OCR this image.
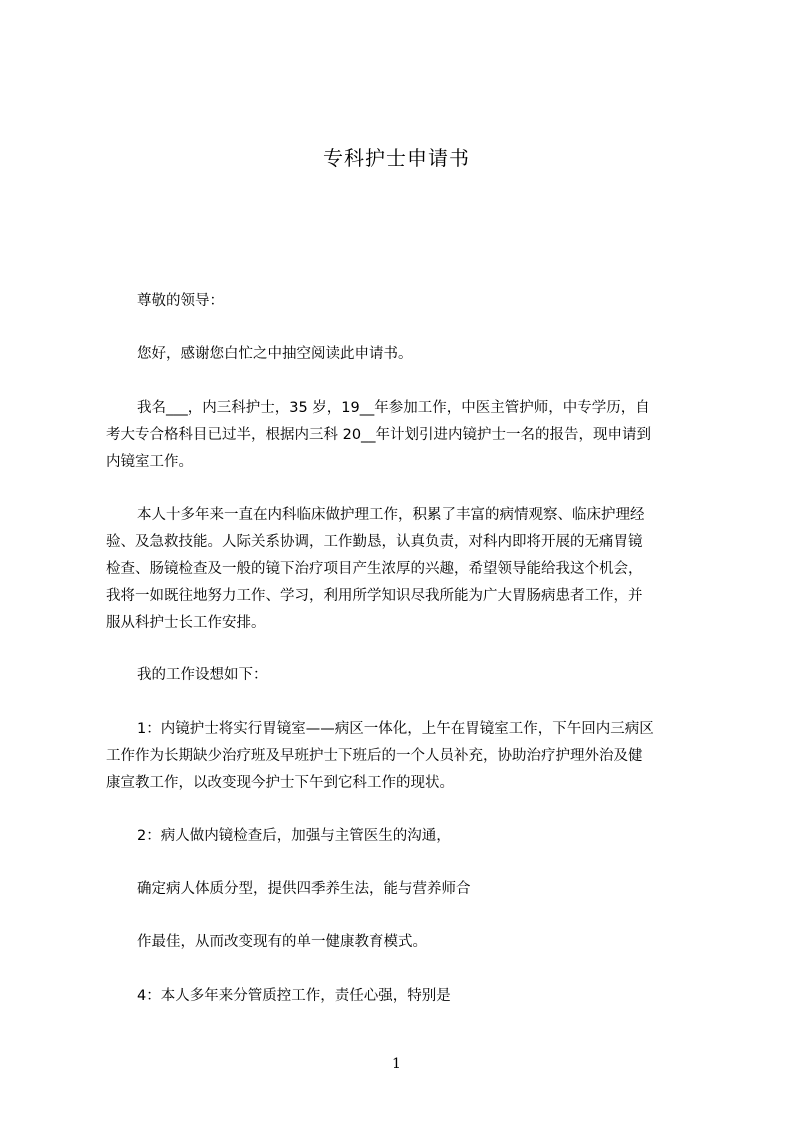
专科护士申请书

尊敬的领导：

您好，感谢您白忙之中抽空阅读此申请书。

我名___，内三科护士，35 岁，19__年参加工作，中医主管护师，中专学历，自

考大专合格科目已过半，根据内三科 20__年计划引进内镜护士一名的报告，现申请到

内镜室工作。

本人十多年来一直在内科临床做护理工作，积累了丰富的病情观察、临床护理经

验、及急救技能。人际关系协调，工作勤恳，认真负责，对科内即将开展的无痛胃镜

检查、肠镜检查及一般的镜下治疗项目产生浓厚的兴趣，希望领导能给我这个机会，

我将一如既往地努力工作、学习，利用所学知识尽我所能为广大胃肠病患者工作，并

服从科护士长工作安排。

我的工作设想如下：

1：内镜护士将实行胃镜室——病区一体化，上午在胃镜室工作，下午回内三病区

工作作为长期缺少治疗班及早班护士下班后的一个人员补充，协助治疗护理外治及健

康宣教工作，以改变现今护士下午到它科工作的现状。

2：病人做内镜检查后，加强与主管医生的沟通，

确定病人体质分型，提供四季养生法，能与营养师合

作最佳，从而改变现有的单一健康教育模式。

4：本人多年来分管质控工作，责任心强，特别是

1
